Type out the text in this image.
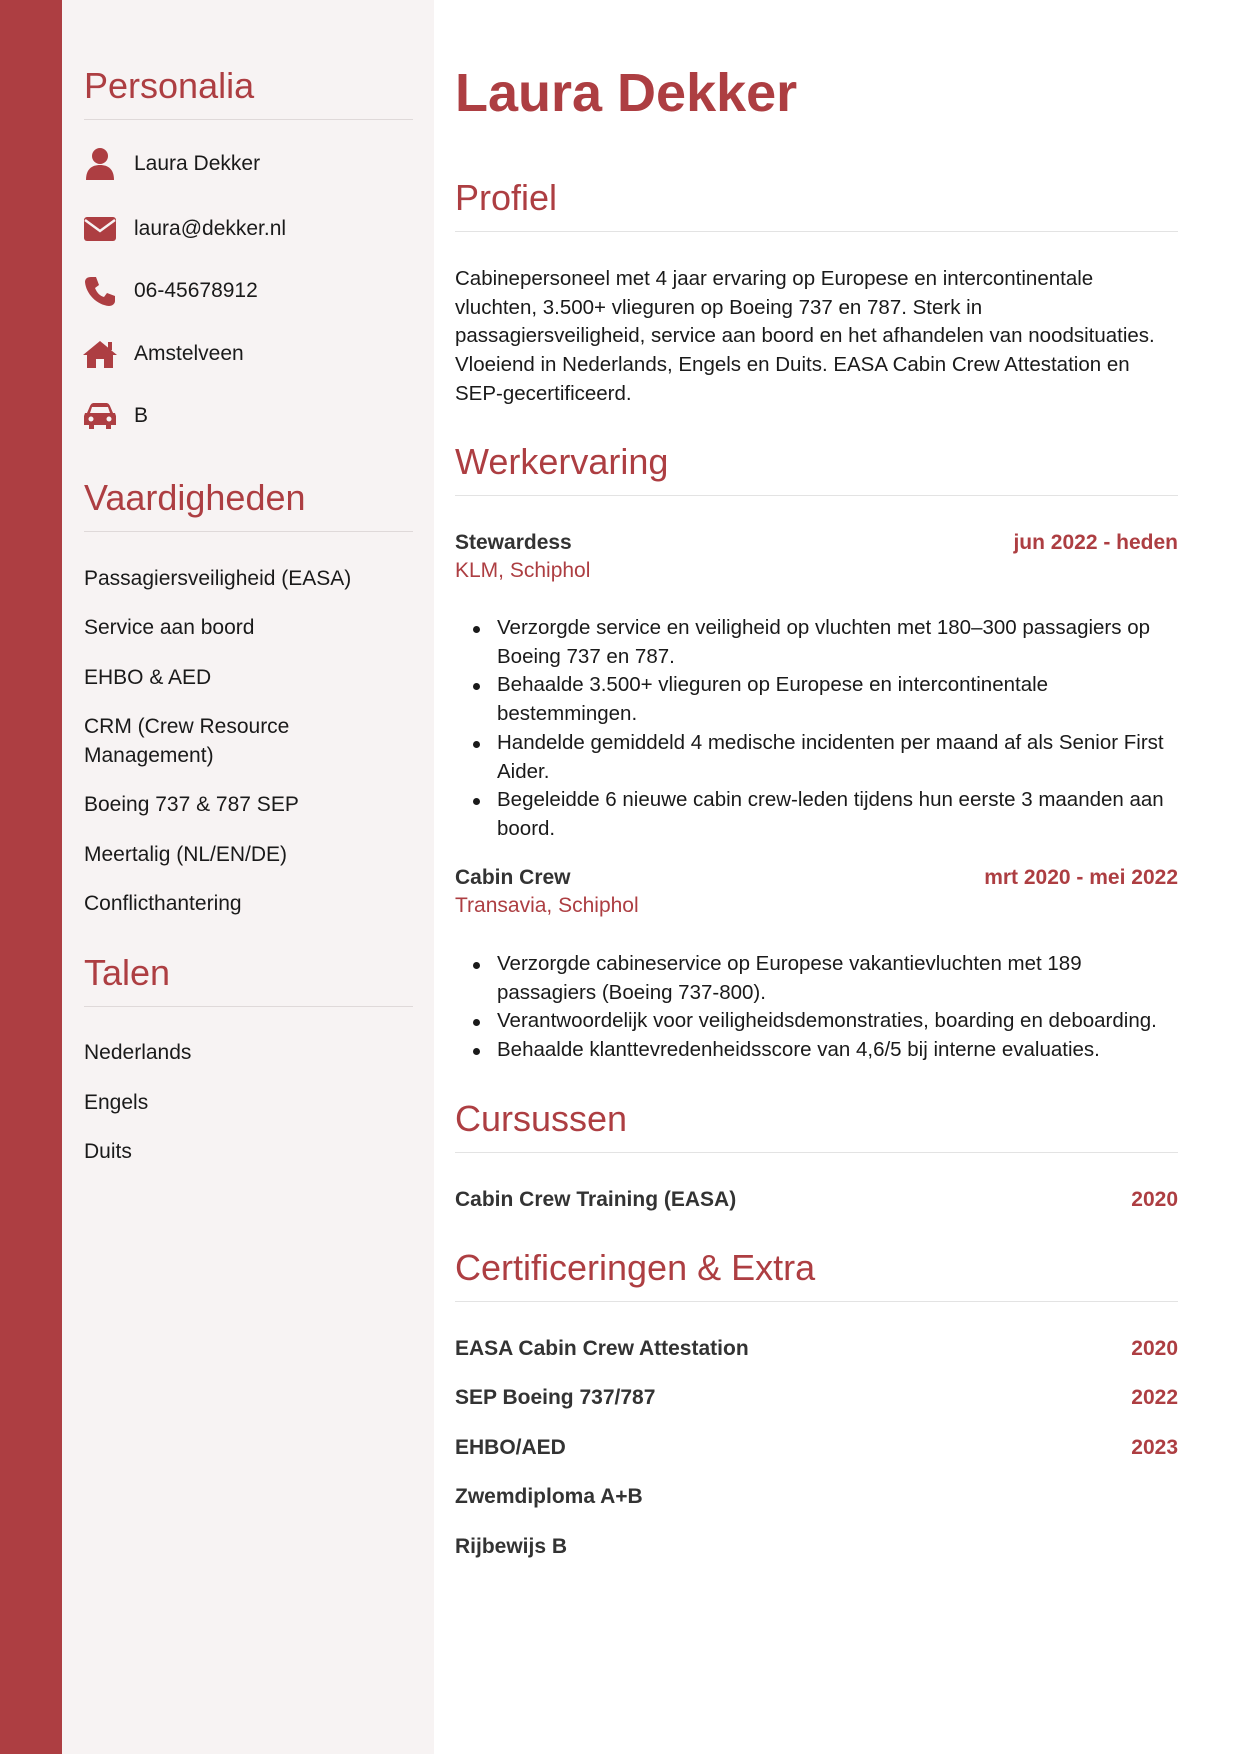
Personalia
Laura Dekker
laura@dekker.nl
06-45678912
Amstelveen
B
Vaardigheden
Passagiersveiligheid (EASA)
Service aan boord
EHBO & AED
CRM (Crew Resource Management)
Boeing 737 & 787 SEP
Meertalig (NL/EN/DE)
Conflicthantering
Talen
Nederlands
Engels
Duits
Laura Dekker
Profiel

Cabinepersoneel met 4 jaar ervaring op Europese en intercontinentale vluchten, 3.500+ vlieguren op Boeing 737 en 787. Sterk in passagiersveiligheid, service aan boord en het afhandelen van noodsituaties. Vloeiend in Nederlands, Engels en Duits. EASA Cabin Crew Attestation en SEP-gecertificeerd.

Werkervaring
Stewardess	jun 2022 - heden
KLM, Schiphol
Verzorgde service en veiligheid op vluchten met 180–300 passagiers op Boeing 737 en 787.
Behaalde 3.500+ vlieguren op Europese en intercontinentale bestemmingen.
Handelde gemiddeld 4 medische incidenten per maand af als Senior First Aider.
Begeleidde 6 nieuwe cabin crew-leden tijdens hun eerste 3 maanden aan boord.
Cabin Crew	mrt 2020 - mei 2022
Transavia, Schiphol
Verzorgde cabineservice op Europese vakantievluchten met 189 passagiers (Boeing 737-800).
Verantwoordelijk voor veiligheidsdemonstraties, boarding en deboarding.
Behaalde klanttevredenheidsscore van 4,6/5 bij interne evaluaties.
Cursussen
Cabin Crew Training (EASA)	2020
Certificeringen & Extra
EASA Cabin Crew Attestation	2020
SEP Boeing 737/787	2022
EHBO/AED	2023
Zwemdiploma A+B
Rijbewijs B
